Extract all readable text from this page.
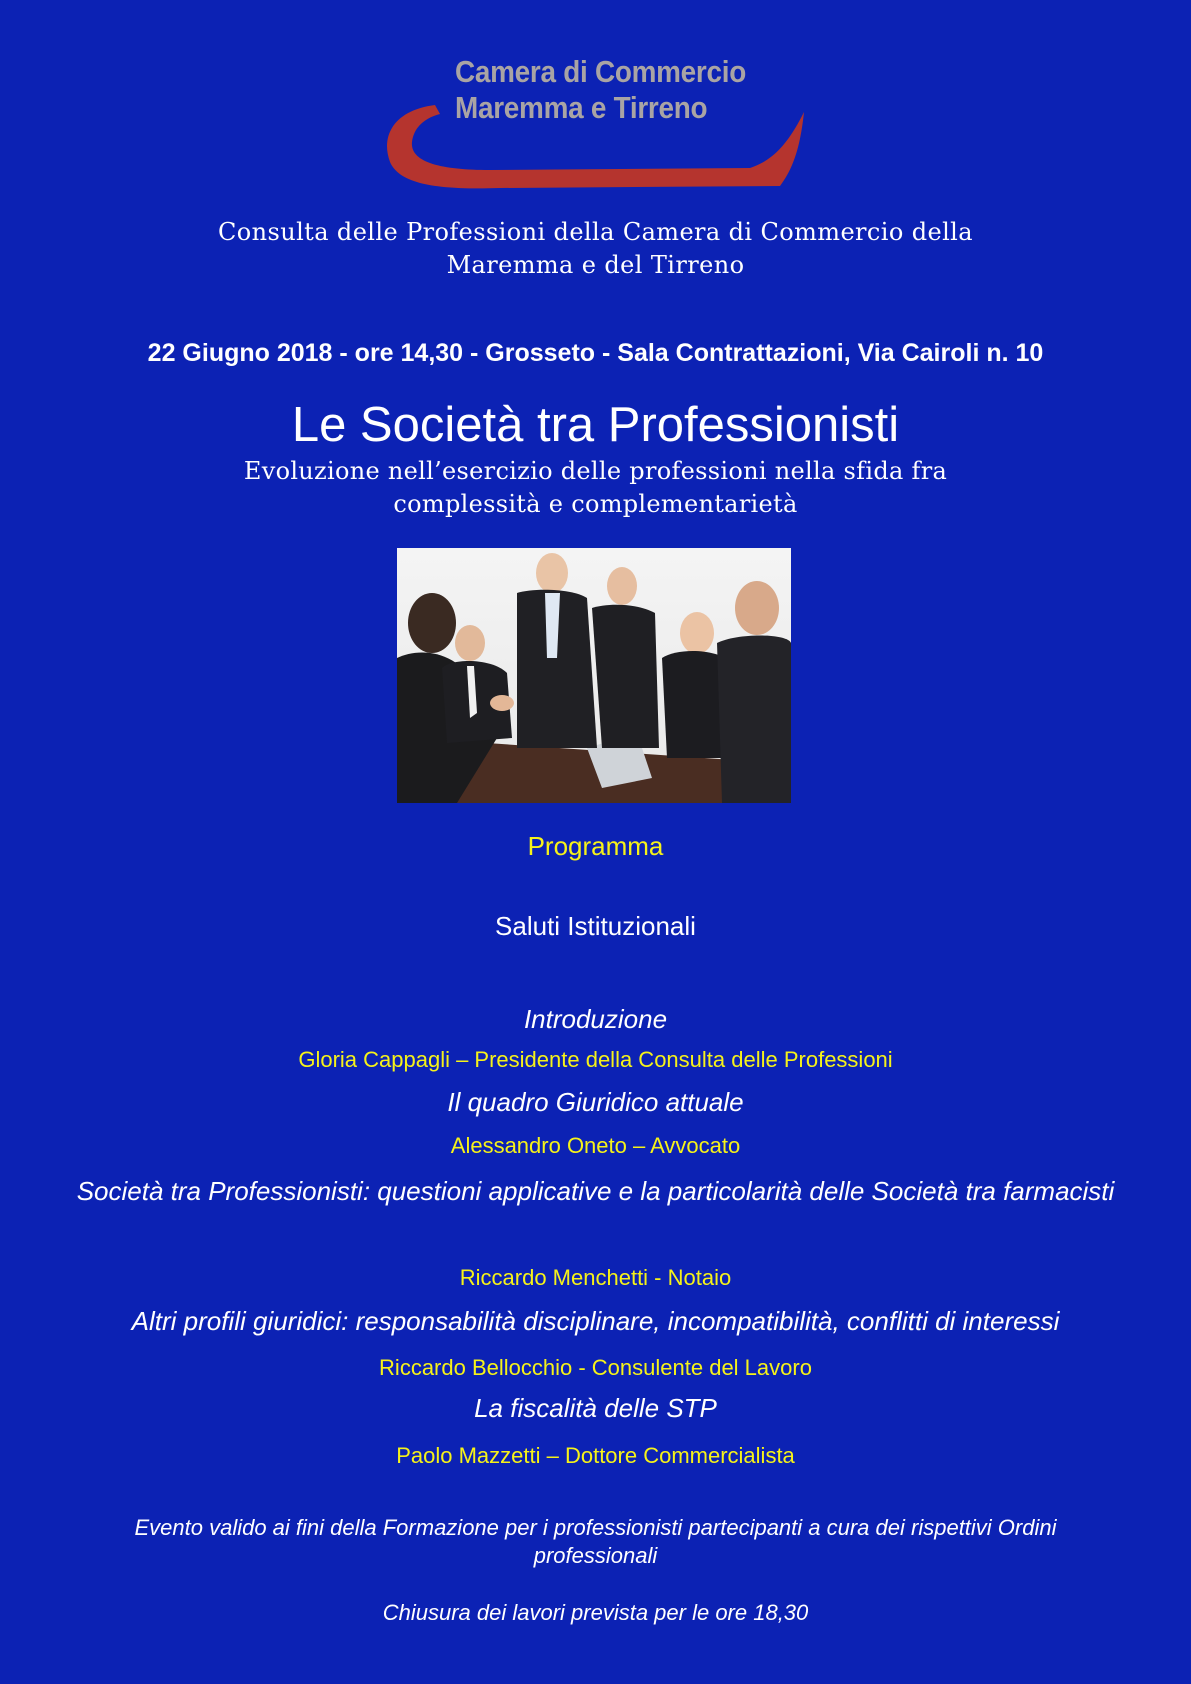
Camera di Commercio
Maremma e Tirreno
Consulta delle Professioni della Camera di Commercio della
Maremma e del Tirreno
22 Giugno 2018 - ore 14,30 - Grosseto - Sala Contrattazioni, Via Cairoli n. 10
Le Società tra Professionisti
Evoluzione nell’esercizio delle professioni nella sfida fra
complessità e complementarietà
Programma
Saluti Istituzionali
Introduzione
Gloria Cappagli – Presidente della Consulta delle Professioni
Il quadro Giuridico attuale
Alessandro Oneto – Avvocato
Società tra Professionisti: questioni applicative e la particolarità delle Società tra farmacisti
Riccardo Menchetti - Notaio
Altri profili giuridici: responsabilità disciplinare, incompatibilità, conflitti di interessi
Riccardo Bellocchio - Consulente del Lavoro
La fiscalità delle STP
Paolo Mazzetti – Dottore Commercialista
Evento valido ai fini della Formazione per i professionisti partecipanti a cura dei rispettivi Ordini professionali
Chiusura dei lavori prevista per le ore 18,30
